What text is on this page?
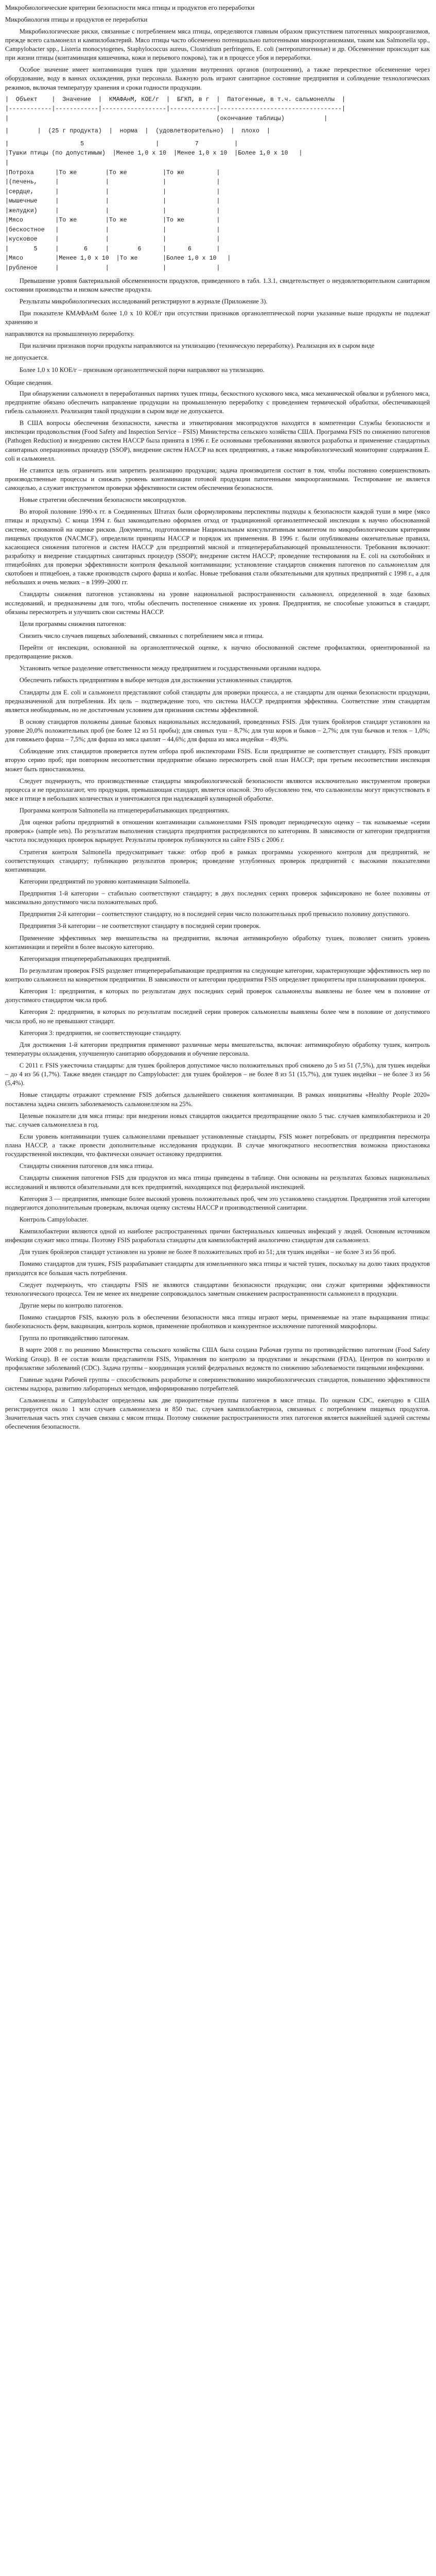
Микробиологические критерии безопасности мяса птицы и продуктов его переработки

Микробиология птицы и продуктов ее переработки

Микробиологические риски, связанные с потреблением мяса птицы, определяются главным образом присутствием патогенных микроорганизмов, прежде всего сальмонелл и кампилобактерий. Мясо птицы часто обсеменено потенциально патогенными микроорганизмами, таким как Salmonella spp., Campylobacter spp., Listeria monocytogenes, Staphylococcus aureus, Clostridium perfringens, E. coli (энтеропатогенные) и др. Обсеменение происходит как при жизни птицы (контаминация кишечника, кожи и перьевого покрова), так и в процессе убоя и переработки.

Особое значение имеет контаминация тушек при удалении внутренних органов (потрошении), а также перекрестное обсеменение через оборудование, воду в ваннах охлаждения, руки персонала. Важную роль играют санитарное состояние предприятия и соблюдение технологических режимов, включая температуру хранения и сроки годности продукции.

|  Объект    |  Значение  |  КМАФАнМ, КОЕ/г  |  БГКП, в г  |  Патогенные, в т.ч. сальмонеллы  |
|------------|------------|------------------|-------------|----------------------------------|
|                                                          (окончание таблицы)           |
|        |  (25 г продукта)  |  норма  |  (удовлетворительно)  |  плохо  |
|                    5                    |          7          |
|Тушки птицы (по допустимым)  |Менее 1,0 х 10  |Менее 1,0 х 10  |Более 1,0 х 10   |
|
|Потрохa      |То же        |То же          |То же         |
|(печень,     |             |               |              |
|сердце,      |             |               |              |
|мышечные     |             |               |              |
|желудки)     |             |               |              |
|Мясо         |То же        |То же          |То же         |
|бескостное   |             |               |              |
|кусковое     |             |               |              |
|       5     |       6     |        6      |      6       |
|Мясо         |Менее 1,0 х 10  |То же       |Более 1,0 х 10   |
|рубленое     |             |               |              |

Превышение уровня бактериальной обсемененности продуктов, приведенного в табл. 1.3.1, свидетельствует о неудовлетворительном санитарном состоянии производства и низком качестве продукта.

Результаты микробиологических исследований регистрируют в журнале (Приложение 3).

При показателе КМАФАнМ более 1,0 х 10 КОЕ/г при отсутствии признаков органолептической порчи указанные выше продукты не подлежат хранению и

направляются на промышленную переработку.

При наличии признаков порчи продукты направляются на утилизацию (техническую переработку). Реализация их в сыром виде

не допускается.

Более 1,0 х 10 КОЕ/г – признаком органолептической порчи направляют на утилизацию.

Общие сведения.

При обнаружении сальмонелл в переработанных партиях тушек птицы, бескостного кускового мяса, мяса механической обвалки и рубленого мяса, предприятие обязано обеспечить направление продукции на промышленную переработку с проведением термической обработки, обеспечивающей гибель сальмонелл. Реализация такой продукции в сыром виде не допускается.

В США вопросы обеспечения безопасности, качества и этикетирования мясопродуктов находятся в компетенции Службы безопасности и инспекции продовольствия (Food Safety and Inspection Service – FSIS) Министерства сельского хозяйства США. Программа FSIS по снижению патогенов (Pathogen Reduction) и внедрению систем HACCP была принята в 1996 г. Ее основными требованиями являются разработка и применение стандартных санитарных операционных процедур (SSOP), внедрение систем HACCP на всех предприятиях, а также микробиологический мониторинг содержания E. coli и сальмонелл.

Не ставится цель ограничить или запретить реализацию продукции; задача производителя состоит в том, чтобы постоянно совершенствовать производственные процессы и снижать уровень контаминации готовой продукции патогенными микроорганизмами. Тестирование не является самоцелью, а служит инструментом проверки эффективности систем обеспечения безопасности.

Новые стратегии обеспечения безопасности мясопродуктов.

Во второй половине 1990-х гг. в Соединенных Штатах были сформулированы перспективы подходы к безопасности каждой туши в мире (мясо птицы и продукты). С конца 1994 г. был законодательно оформлен отход от традиционной органолептической инспекции к научно обоснованной системе, основанной на оценке рисков. Документы, подготовленные Национальным консультативным комитетом по микробиологическим критериям пищевых продуктов (NACMCF), определили принципы HACCP и порядок их применения. В 1996 г. были опубликованы окончательные правила, касающиеся снижения патогенов и систем HACCP для предприятий мясной и птицеперерабатывающей промышленности. Требования включают: разработку и внедрение стандартных санитарных процедур (SSOP); внедрение систем HACCP; проведение тестирования на E. coli на скотобойнях и птицебойнях для проверки эффективности контроля фекальной контаминации; установление стандартов снижения патогенов по сальмонеллам для скотобоен и птицебоен, а также производств сырого фарша и колбас. Новые требования стали обязательными для крупных предприятий с 1998 г., а для небольших и очень мелких – в 1999–2000 гг.

Стандарты снижения патогенов установлены на уровне национальной распространенности сальмонелл, определенной в ходе базовых исследований, и предназначены для того, чтобы обеспечить постепенное снижение их уровня. Предприятия, не способные уложиться в стандарт, обязаны пересмотреть и улучшить свои системы HACCP.

Цели программы снижения патогенов:

Снизить число случаев пищевых заболеваний, связанных с потреблением мяса и птицы.

Перейти от инспекции, основанной на органолептической оценке, к научно обоснованной системе профилактики, ориентированной на предотвращение рисков.

Установить четкое разделение ответственности между предприятием и государственными органами надзора.

Обеспечить гибкость предприятиям в выборе методов для достижения установленных стандартов.

Стандарты для E. coli и сальмонелл представляют собой стандарты для проверки процесса, а не стандарты для оценки безопасности продукции, предназначенной для потребления. Их цель – подтверждение того, что система HACCP предприятия эффективна. Соответствие этим стандартам является необходимым, но не достаточным условием для признания системы эффективной.

В основу стандартов положены данные базовых национальных исследований, проведенных FSIS. Для тушек бройлеров стандарт установлен на уровне 20,0% положительных проб (не более 12 из 51 пробы); для свиных туш – 8,7%; для туш коров и быков – 2,7%; для туш бычков и телок – 1,0%; для говяжьего фарша – 7,5%; для фарша из мяса цыплят – 44,6%; для фарша из мяса индейки – 49,9%.

Соблюдение этих стандартов проверяется путем отбора проб инспекторами FSIS. Если предприятие не соответствует стандарту, FSIS проводит вторую серию проб; при повторном несоответствии предприятие обязано пересмотреть свой план HACCP; при третьем несоответствии инспекция может быть приостановлена.

Следует подчеркнуть, что производственные стандарты микробиологической безопасности являются исключительно инструментом проверки процесса и не предполагают, что продукция, превышающая стандарт, является опасной. Это обусловлено тем, что сальмонеллы могут присутствовать в мясе и птице в небольших количествах и уничтожаются при надлежащей кулинарной обработке.

Программа контроля Salmonella на птицеперерабатывающих предприятиях.

Для оценки работы предприятий в отношении контаминации сальмонеллами FSIS проводит периодическую оценку – так называемые «серии проверок» (sample sets). По результатам выполнения стандарта предприятия распределяются по категориям. В зависимости от категории предприятия частота последующих проверок варьирует. Результаты проверок публикуются на сайте FSIS с 2006 г.

Стратегия контроля Salmonella предусматривает также: отбор проб в рамках программы ускоренного контроля для предприятий, не соответствующих стандарту; публикацию результатов проверок; проведение углубленных проверок предприятий с высокими показателями контаминации.

Категории предприятий по уровню контаминации Salmonella.

Предприятия 1-й категории – стабильно соответствуют стандарту; в двух последних сериях проверок зафиксировано не более половины от максимально допустимого числа положительных проб.

Предприятия 2-й категории – соответствуют стандарту, но в последней серии число положительных проб превысило половину допустимого.

Предприятия 3-й категории – не соответствуют стандарту в последней серии проверок.

Применение эффективных мер вмешательства на предприятии, включая антимикробную обработку тушек, позволяет снизить уровень контаминации и перейти в более высокую категорию.

Категоризация птицеперерабатывающих предприятий.

По результатам проверок FSIS разделяет птицеперерабатывающие предприятия на следующие категории, характеризующие эффективность мер по контролю сальмонелл на конкретном предприятии. В зависимости от категории предприятия FSIS определяет приоритеты при планировании проверок.

Категория 1: предприятия, в которых по результатам двух последних серий проверок сальмонеллы выявлены не более чем в половине от допустимого стандартом числа проб.

Категория 2: предприятия, в которых по результатам последней серии проверок сальмонеллы выявлены более чем в половине от допустимого числа проб, но не превышают стандарт.

Категория 3: предприятия, не соответствующие стандарту.

Для достижения 1-й категории предприятия применяют различные меры вмешательства, включая: антимикробную обработку тушек, контроль температуры охлаждения, улучшенную санитарию оборудования и обучение персонала.

С 2011 г. FSIS ужесточила стандарты: для тушек бройлеров допустимое число положительных проб снижено до 5 из 51 (7,5%), для тушек индейки – до 4 из 56 (1,7%). Также введен стандарт по Campylobacter: для тушек бройлеров – не более 8 из 51 (15,7%), для тушек индейки – не более 3 из 56 (5,4%).

Новые стандарты отражают стремление FSIS добиться дальнейшего снижения контаминации. В рамках инициативы «Healthy People 2020» поставлена задача снизить заболеваемость сальмонеллезом на 25%.

Целевые показатели для мяса птицы: при внедрении новых стандартов ожидается предотвращение около 5 тыс. случаев кампилобактериоза и 20 тыс. случаев сальмонеллеза в год.

Если уровень контаминации тушек сальмонеллами превышает установленные стандарты, FSIS может потребовать от предприятия пересмотра плана HACCP, а также провести дополнительные исследования продукции. В случае многократного несоответствия возможна приостановка государственной инспекции, что фактически означает остановку предприятия.

Стандарты снижения патогенов для мяса птицы.

Стандарты снижения патогенов FSIS для продуктов из мяса птицы приведены в таблице. Они основаны на результатах базовых национальных исследований и являются обязательными для всех предприятий, находящихся под федеральной инспекцией.

Категория 3 — предприятия, имеющие более высокий уровень положительных проб, чем это установлено стандартом. Предприятия этой категории подвергаются дополнительным проверкам, включая оценку системы HACCP и производственной санитарии.

Контроль Campylobacter.

Кампилобактерии являются одной из наиболее распространенных причин бактериальных кишечных инфекций у людей. Основным источником инфекции служит мясо птицы. Поэтому FSIS разработала стандарты для кампилобактерий аналогично стандартам для сальмонелл.

Для тушек бройлеров стандарт установлен на уровне не более 8 положительных проб из 51; для тушек индейки – не более 3 из 56 проб.

Помимо стандартов для тушек, FSIS разрабатывает стандарты для измельченного мяса птицы и частей тушек, поскольку на долю таких продуктов приходится все большая часть потребления.

Следует подчеркнуть, что стандарты FSIS не являются стандартами безопасности продукции; они служат критериями эффективности технологического процесса. Тем не менее их внедрение сопровождалось заметным снижением распространенности сальмонелл в продукции.

Другие меры по контролю патогенов.

Помимо стандартов FSIS, важную роль в обеспечении безопасности мяса птицы играют меры, применяемые на этапе выращивания птицы: биобезопасность ферм, вакцинация, контроль кормов, применение пробиотиков и конкурентное исключение патогенной микрофлоры.

Группа по противодействию патогенам.

В марте 2008 г. по решению Министерства сельского хозяйства США была создана Рабочая группа по противодействию патогенам (Food Safety Working Group). В ее состав вошли представители FSIS, Управления по контролю за продуктами и лекарствами (FDA), Центров по контролю и профилактике заболеваний (CDC). Задача группы – координация усилий федеральных ведомств по снижению заболеваемости пищевыми инфекциями.

Главные задачи Рабочей группы – способствовать разработке и совершенствованию микробиологических стандартов, повышению эффективности системы надзора, развитию лабораторных методов, информированию потребителей.

Сальмонеллы и Campylobacter определены как две приоритетные группы патогенов в мясе птицы. По оценкам CDC, ежегодно в США регистрируется около 1 млн случаев сальмонеллеза и 850 тыс. случаев кампилобактериоза, связанных с потреблением пищевых продуктов. Значительная часть этих случаев связана с мясом птицы. Поэтому снижение распространенности этих патогенов является важнейшей задачей системы обеспечения безопасности.
